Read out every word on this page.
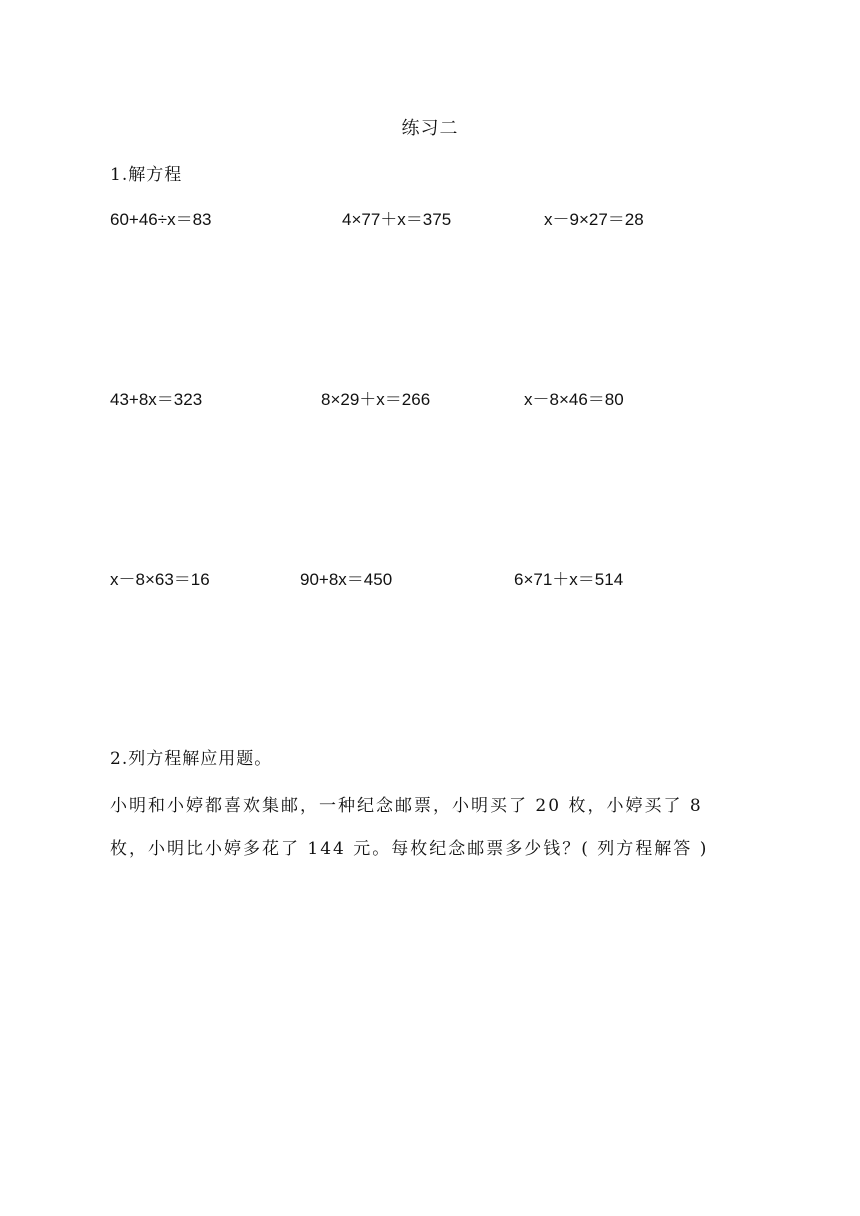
练习二
1.解方程
60+46÷x＝83	4×77＋x＝375	x－9×27＝28
43+8x＝323	8×29＋x＝266	x－8×46＝80
x－8×63＝16	90+8x＝450	6×71＋x＝514
2.列方程解应用题。
小明和小婷都喜欢集邮，一种纪念邮票，小明买了 20 枚，小婷买了 8
枚，小明比小婷多花了 144 元。每枚纪念邮票多少钱？( 列方程解答 )
